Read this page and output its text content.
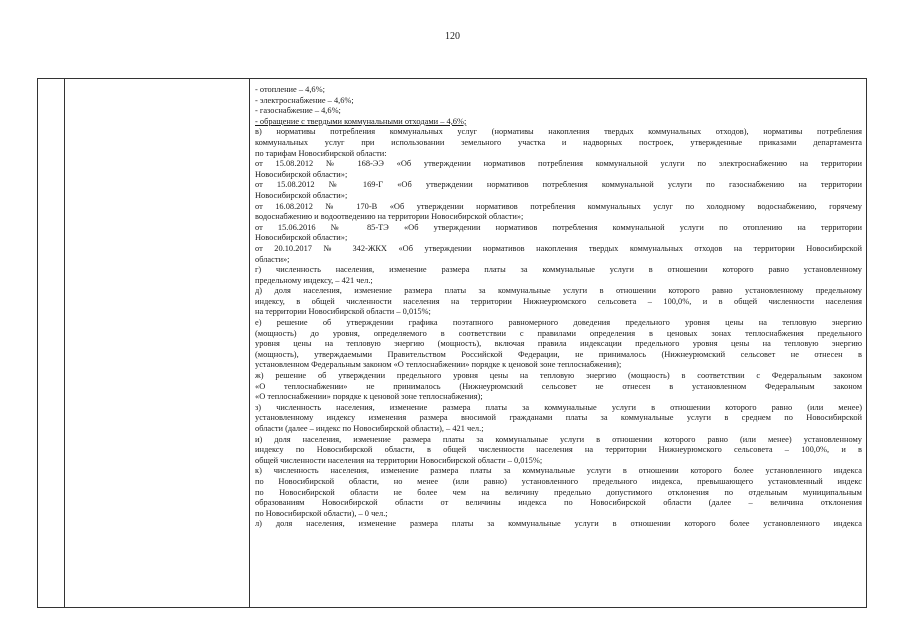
120

- отопление – 4,6%;

- электроснабжение – 4,6%;

- газоснабжение – 4,6%;

- обращение с твердыми коммунальными отходами – 4,6%;

в) нормативы потребления коммунальных услуг (нормативы накопления твердых коммунальных отходов), нормативы потребления

коммунальных услуг при использовании земельного участка и надворных построек, утвержденные приказами департамента

по тарифам Новосибирской области:

от 15.08.2012 № 168-ЭЭ «Об утверждении нормативов потребления коммунальной услуги по электроснабжению на территории

Новосибирской области»;

от 15.08.2012 № 169-Г «Об утверждении нормативов потребления коммунальной услуги по газоснабжению на территории

Новосибирской области»;

от 16.08.2012 № 170-В «Об утверждении нормативов потребления коммунальных услуг по холодному водоснабжению, горячему

водоснабжению и водоотведению на территории Новосибирской области»;

от 15.06.2016 № 85-ТЭ «Об утверждении нормативов потребления коммунальной услуги по отоплению на территории

Новосибирской области»;

от 20.10.2017 № 342-ЖКХ «Об утверждении нормативов накопления твердых коммунальных отходов на территории Новосибирской

области»;

г) численность населения, изменение размера платы за коммунальные услуги в отношении которого равно установленному

предельному индексу, – 421 чел.;

д) доля населения, изменение размера платы за коммунальные услуги в отношении которого равно установленному предельному

индексу, в общей численности населения на территории Нижнеурюмского сельсовета – 100,0%, и в общей численности населения

на территории Новосибирской области – 0,015%;

е) решение об утверждении графика поэтапного равномерного доведения предельного уровня цены на тепловую энергию

(мощность) до уровня, определяемого в соответствии с правилами определения в ценовых зонах теплоснабжения предельного

уровня цены на тепловую энергию (мощность), включая правила индексации предельного уровня цены на тепловую энергию

(мощность), утверждаемыми Правительством Российской Федерации, не принималось (Нижнеурюмский сельсовет не отнесен в

установленном Федеральным законом «О теплоснабжении» порядке к ценовой зоне теплоснабжения);

ж) решение об утверждении предельного уровня цены на тепловую энергию (мощность) в соответствии с Федеральным законом

«О теплоснабжении» не принималось (Нижнеурюмский сельсовет не отнесен в установленном Федеральным законом

«О теплоснабжении» порядке к ценовой зоне теплоснабжения);

з) численность населения, изменение размера платы за коммунальные услуги в отношении которого равно (или менее)

установленному индексу изменения размера вносимой гражданами платы за коммунальные услуги в среднем по Новосибирской

области (далее – индекс по Новосибирской области), – 421 чел.;

и) доля населения, изменение размера платы за коммунальные услуги в отношении которого равно (или менее) установленному

индексу по Новосибирской области, в общей численности населения на территории Нижнеурюмского сельсовета – 100,0%, и в

общей численности населения на территории Новосибирской области – 0,015%;

к) численность населения, изменение размера платы за коммунальные услуги в отношении которого более установленного индекса

по Новосибирской области, но менее (или равно) установленного предельного индекса, превышающего установленный индекс

по Новосибирской области не более чем на величину предельно допустимого отклонения по отдельным муниципальным

образованиям Новосибирской области от величины индекса по Новосибирской области (далее – величина отклонения

по Новосибирской области), – 0 чел.;

л) доля населения, изменение размера платы за коммунальные услуги в отношении которого более установленного индекса
